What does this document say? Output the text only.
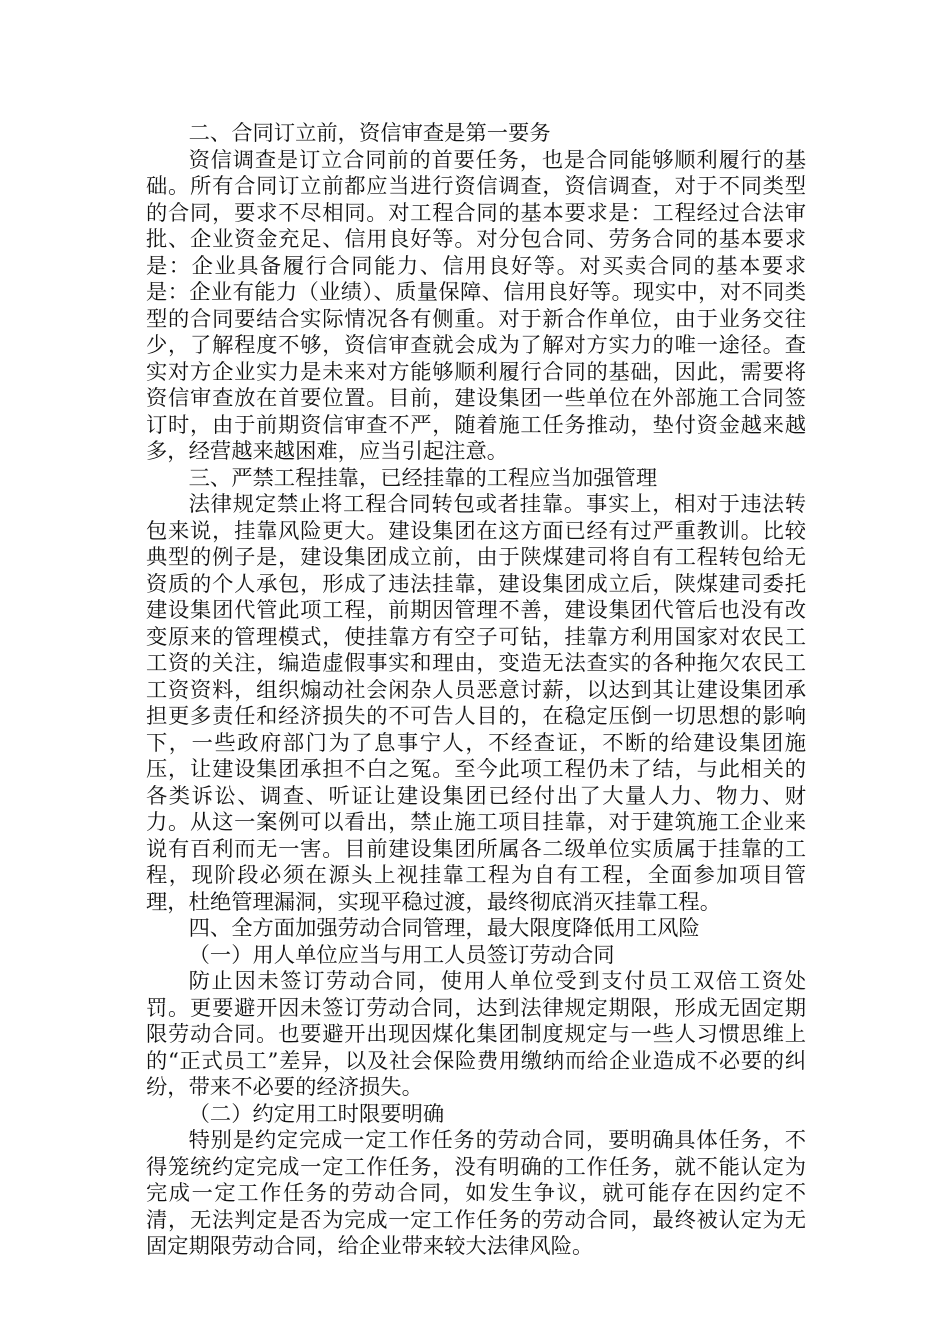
二、合同订立前，资信审查是第一要务

资信调查是订立合同前的首要任务，也是合同能够顺利履行的基础。所有合同订立前都应当进行资信调查，资信调查，对于不同类型的合同，要求不尽相同。对工程合同的基本要求是：工程经过合法审批、企业资金充足、信用良好等。对分包合同、劳务合同的基本要求是：企业具备履行合同能力、信用良好等。对买卖合同的基本要求是：企业有能力（业绩）、质量保障、信用良好等。现实中，对不同类型的合同要结合实际情况各有侧重。对于新合作单位，由于业务交往少，了解程度不够，资信审查就会成为了解对方实力的唯一途径。查实对方企业实力是未来对方能够顺利履行合同的基础，因此，需要将资信审查放在首要位置。目前，建设集团一些单位在外部施工合同签订时，由于前期资信审查不严，随着施工任务推动，垫付资金越来越多，经营越来越困难，应当引起注意。

三、严禁工程挂靠，已经挂靠的工程应当加强管理

法律规定禁止将工程合同转包或者挂靠。事实上，相对于违法转包来说，挂靠风险更大。建设集团在这方面已经有过严重教训。比较典型的例子是，建设集团成立前，由于陕煤建司将自有工程转包给无资质的个人承包，形成了违法挂靠，建设集团成立后，陕煤建司委托建设集团代管此项工程，前期因管理不善，建设集团代管后也没有改变原来的管理模式，使挂靠方有空子可钻，挂靠方利用国家对农民工工资的关注，编造虚假事实和理由，变造无法查实的各种拖欠农民工工资资料，组织煽动社会闲杂人员恶意讨薪，以达到其让建设集团承担更多责任和经济损失的不可告人目的，在稳定压倒一切思想的影响下，一些政府部门为了息事宁人，不经查证，不断的给建设集团施压，让建设集团承担不白之冤。至今此项工程仍未了结，与此相关的各类诉讼、调查、听证让建设集团已经付出了大量人力、物力、财力。从这一案例可以看出，禁止施工项目挂靠，对于建筑施工企业来说有百利而无一害。目前建设集团所属各二级单位实质属于挂靠的工程，现阶段必须在源头上视挂靠工程为自有工程，全面参加项目管理，杜绝管理漏洞，实现平稳过渡，最终彻底消灭挂靠工程。

四、全方面加强劳动合同管理，最大限度降低用工风险

（一）用人单位应当与用工人员签订劳动合同

防止因未签订劳动合同，使用人单位受到支付员工双倍工资处罚。更要避开因未签订劳动合同，达到法律规定期限，形成无固定期限劳动合同。也要避开出现因煤化集团制度规定与一些人习惯思维上的“正式员工”差异，以及社会保险费用缴纳而给企业造成不必要的纠纷，带来不必要的经济损失。

（二）约定用工时限要明确

特别是约定完成一定工作任务的劳动合同，要明确具体任务，不得笼统约定完成一定工作任务，没有明确的工作任务，就不能认定为完成一定工作任务的劳动合同，如发生争议，就可能存在因约定不清，无法判定是否为完成一定工作任务的劳动合同，最终被认定为无固定期限劳动合同，给企业带来较大法律风险。
